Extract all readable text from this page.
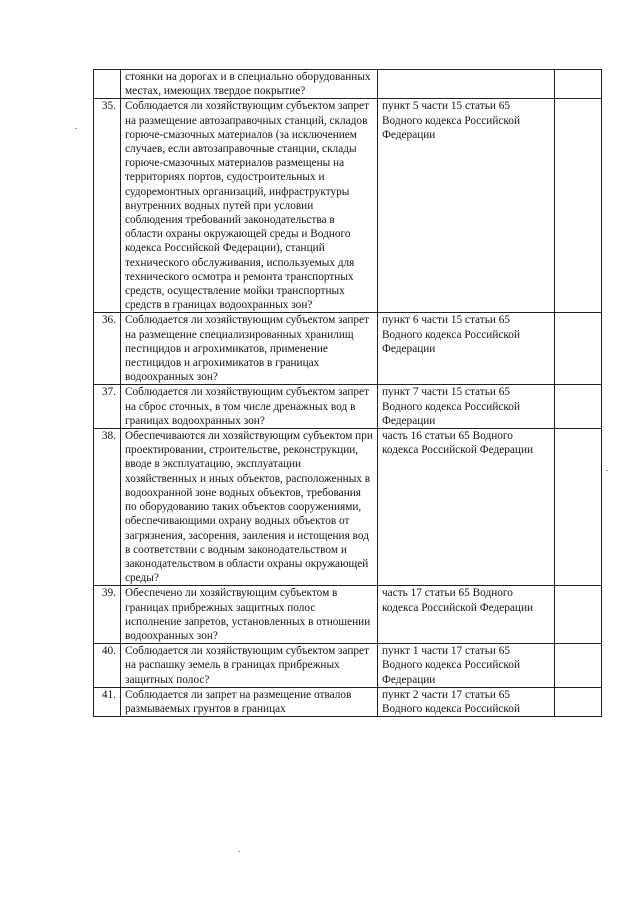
	стоянки на дорогах и в специально оборудованных местах, имеющих твердое покрытие?		
35.	Соблюдается ли хозяйствующим субъектом запрет на размещение автозаправочных станций, складов горюче-смазочных материалов (за исключением случаев, если автозаправочные станции, склады горюче-смазочных материалов размещены на территориях портов, судостроительных и судоремонтных организаций, инфраструктуры внутренних водных путей при условии соблюдения требований законодательства в области охраны окружающей среды и Водного кодекса Российской Федерации), станций технического обслуживания, используемых для технического осмотра и ремонта транспортных средств, осуществление мойки транспортных средств в границах водоохранных зон?	пункт 5 части 15 статьи 65 Водного кодекса Российской Федерации	
36.	Соблюдается ли хозяйствующим субъектом запрет на размещение специализированных хранилищ пестицидов и агрохимикатов, применение пестицидов и агрохимикатов в границах водоохранных зон?	пункт 6 части 15 статьи 65 Водного кодекса Российской Федерации	
37.	Соблюдается ли хозяйствующим субъектом запрет на сброс сточных, в том числе дренажных вод в границах водоохранных зон?	пункт 7 части 15 статьи 65 Водного кодекса Российской Федерации	
38.	Обеспечиваются ли хозяйствующим субъектом при проектировании, строительстве, реконструкции, вводе в эксплуатацию, эксплуатации хозяйственных и иных объектов, расположенных в водоохранной зоне водных объектов, требования по оборудованию таких объектов сооружениями, обеспечивающими охрану водных объектов от загрязнения, засорения, заиления и истощения вод в соответствии с водным законодательством и законодательством в области охраны окружающей среды?	часть 16 статьи 65 Водного кодекса Российской Федерации	
39.	Обеспечено ли хозяйствующим субъектом в границах прибрежных защитных полос исполнение запретов, установленных в отношении водоохранных зон?	часть 17 статьи 65 Водного кодекса Российской Федерации	
40.	Соблюдается ли хозяйствующим субъектом запрет на распашку земель в границах прибрежных защитных полос?	пункт 1 части 17 статьи 65 Водного кодекса Российской Федерации	
41.	Соблюдается ли запрет на размещение отвалов размываемых грунтов в границах	пункт 2 части 17 статьи 65 Водного кодекса Российской	
